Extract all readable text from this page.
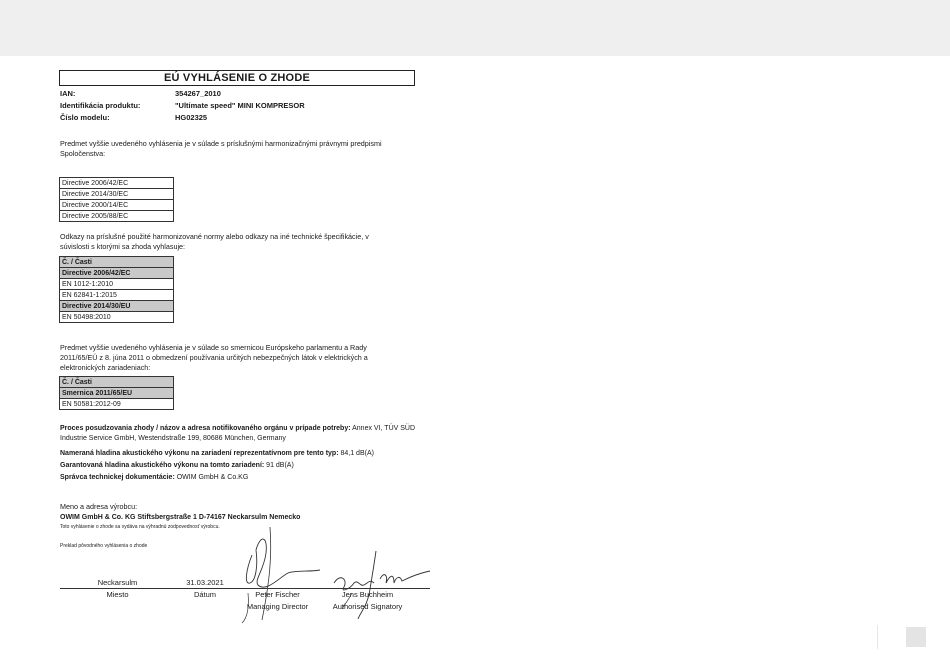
EÚ VYHLÁSENIE O ZHODE
IAN:	354267_2010
Identifikácia produktu:	"Ultimate speed" MINI KOMPRESOR
Číslo modelu:	HG02325
Predmet vyššie uvedeného vyhlásenia je v súlade s príslušnými harmonizačnými právnymi predpismi Spoločenstva:
Directive 2006/42/EC
Directive 2014/30/EC
Directive 2000/14/EC
Directive 2005/88/EC
Odkazy na príslušné použité harmonizované normy alebo odkazy na iné technické špecifikácie, v súvislosti s ktorými sa zhoda vyhlasuje:
Č. / Časti
Directive 2006/42/EC
EN 1012-1:2010
EN 62841-1:2015
Directive 2014/30/EU
EN 50498:2010
Predmet vyššie uvedeného vyhlásenia je v súlade so smernicou Európskeho parlamentu a Rady 2011/65/EÚ z 8. júna 2011 o obmedzení používania určitých nebezpečných látok v elektrických a elektronických zariadeniach:
Č. / Časti
Smernica 2011/65/EU
EN 50581:2012-09
Proces posudzovania zhody / názov a adresa notifikovaného orgánu v prípade potreby: Annex VI, TÜV SÜD Industrie Service GmbH, Westendstraße 199, 80686 München, Germany
Nameraná hladina akustického výkonu na zariadení reprezentatívnom pre tento typ: 84,1 dB(A)
Garantovaná hladina akustického výkonu na tomto zariadení: 91 dB(A)
Správca technickej dokumentácie: OWIM GmbH & Co.KG
Meno a adresa výrobcu:
OWIM GmbH & Co. KG Stiftsbergstraße 1 D-74167 Neckarsulm Nemecko
Toto vyhlásenie o zhode sa vydáva na výhradnú zodpovednosť výrobcu.
Preklad pôvodného vyhlásenia o zhode
Neckarsulm	31.03.2021
Miesto	Dátum	Peter Fischer
Managing Director
Jens Buchheim
Authorised Signatory
